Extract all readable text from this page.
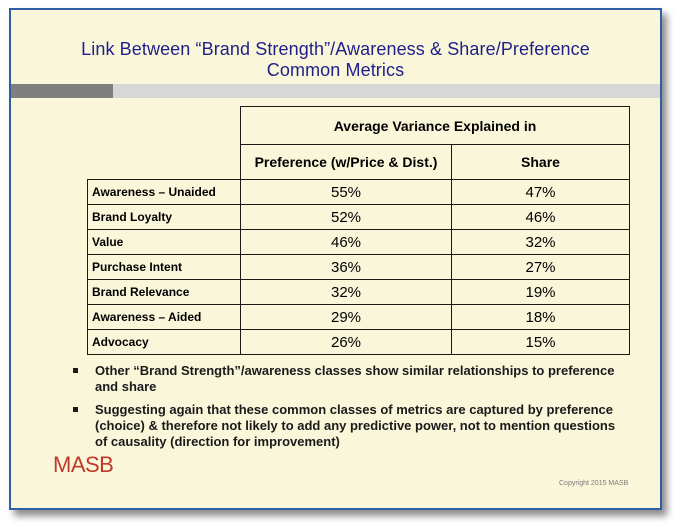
Link Between “Brand Strength”/Awareness & Share/Preference
Common Metrics
	Average Variance Explained in	
	Preference (w/Price & Dist.)	Share
Awareness – Unaided	55%	47%
Brand Loyalty	52%	46%
Value	46%	32%
Purchase Intent	36%	27%
Brand Relevance	32%	19%
Awareness – Aided	29%	18%
Advocacy	26%	15%
Other “Brand Strength”/awareness classes show similar relationships to preference and share
Suggesting again that these common classes of metrics are captured by preference (choice) & therefore not likely to add any predictive power, not to mention questions of causality (direction for improvement)
MASB
Copyright 2015 MASB
